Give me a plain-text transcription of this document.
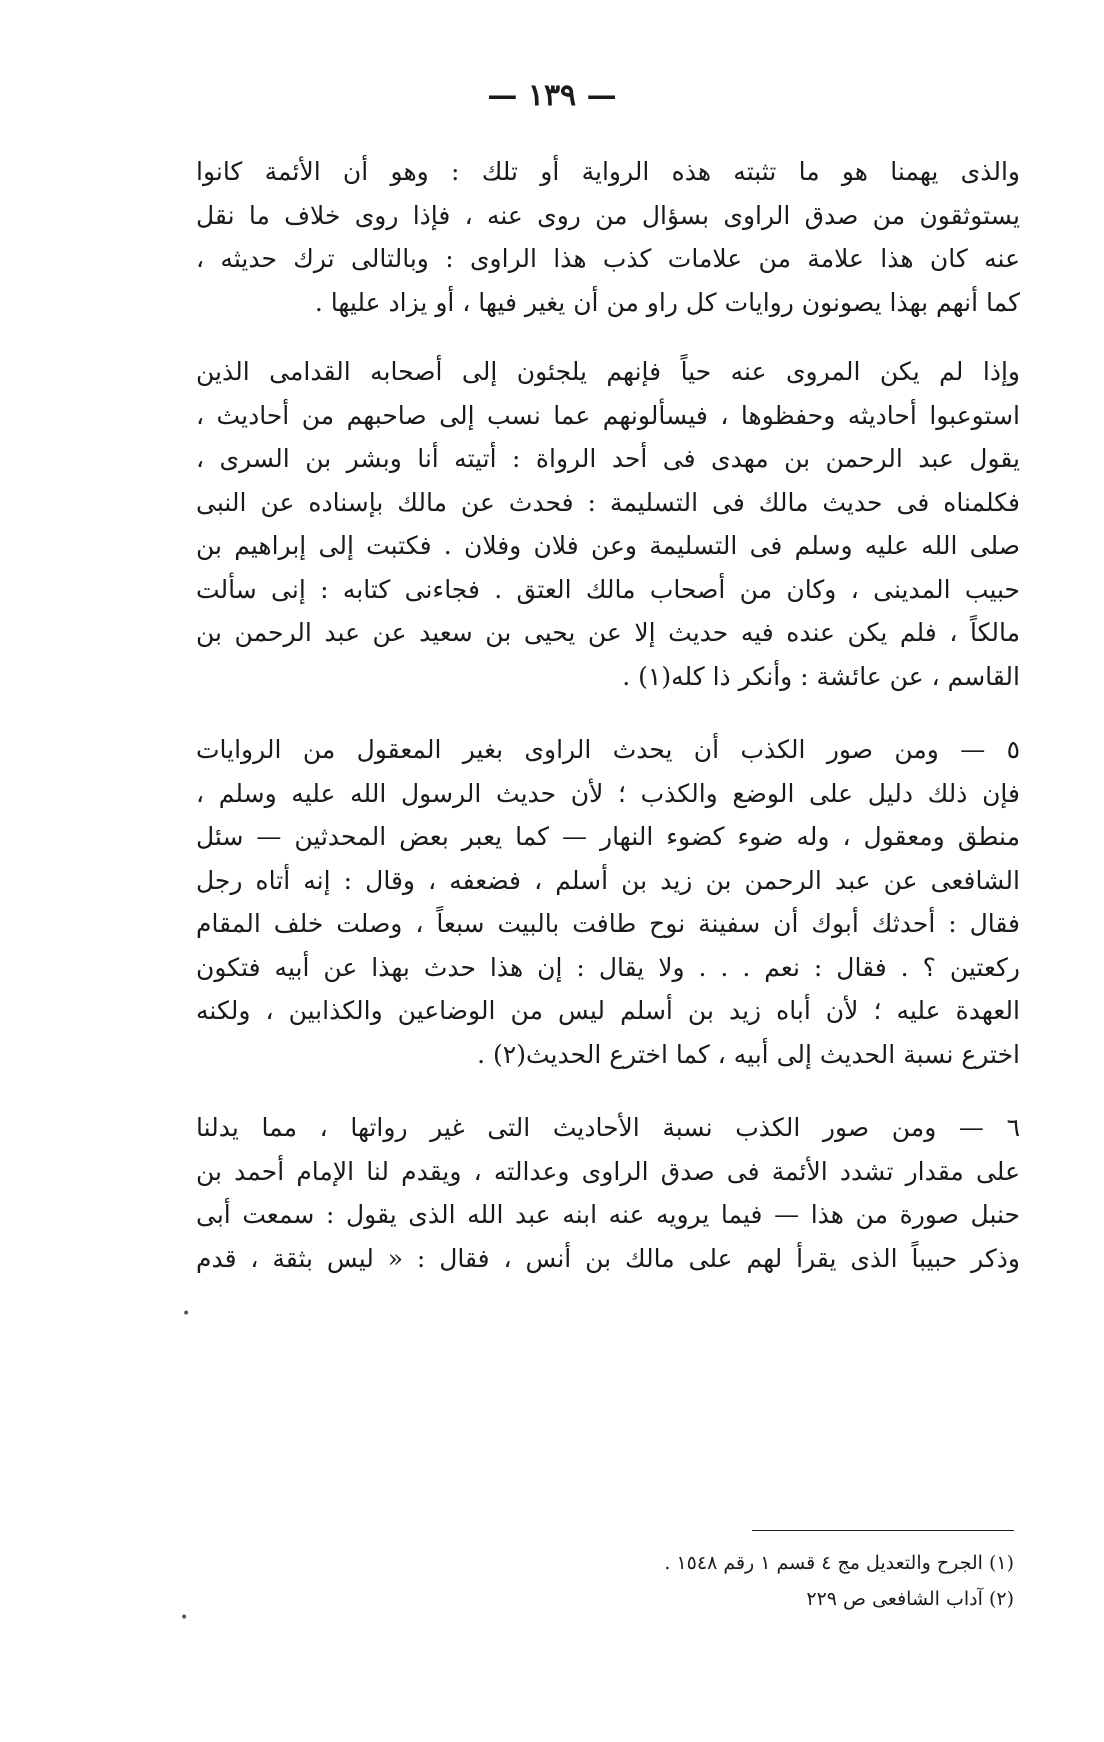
— ١٣٩ —
والذى يهمنا هو ما تثبته هذه الرواية أو تلك : وهو أن الأئمة كانوا
يستوثقون من صدق الراوى بسؤال من روى عنه ، فإذا روى خلاف ما نقل
عنه كان هذا علامة من علامات كذب هذا الراوى : وبالتالى ترك حديثه ،
كما أنهم بهذا يصونون روايات كل راو من أن يغير فيها ، أو يزاد عليها .
وإذا لم يكن المروى عنه حياً فإنهم يلجئون إلى أصحابه القدامى الذين
استوعبوا أحاديثه وحفظوها ، فيسألونهم عما نسب إلى صاحبهم من أحاديث ،
يقول عبد الرحمن بن مهدى فى أحد الرواة : أتيته أنا وبشر بن السرى ،
فكلمناه فى حديث مالك فى التسليمة : فحدث عن مالك بإسناده عن النبى
صلى الله عليه وسلم فى التسليمة وعن فلان وفلان . فكتبت إلى إبراهيم بن
حبيب المدينى ، وكان من أصحاب مالك العتق . فجاءنى كتابه : إنى سألت
مالكاً ، فلم يكن عنده فيه حديث إلا عن يحيى بن سعيد عن عبد الرحمن بن
القاسم ، عن عائشة : وأنكر ذا كله(١) .
٥ — ومن صور الكذب أن يحدث الراوى بغير المعقول من الروايات
فإن ذلك دليل على الوضع والكذب ؛ لأن حديث الرسول الله عليه وسلم ،
منطق ومعقول ، وله ضوء كضوء النهار — كما يعبر بعض المحدثين — سئل
الشافعى عن عبد الرحمن بن زيد بن أسلم ، فضعفه ، وقال : إنه أتاه رجل
فقال : أحدثك أبوك أن سفينة نوح طافت بالبيت سبعاً ، وصلت خلف المقام
ركعتين ؟ . فقال : نعم . . . ولا يقال : إن هذا حدث بهذا عن أبيه فتكون
العهدة عليه ؛ لأن أباه زيد بن أسلم ليس من الوضاعين والكذابين ، ولكنه
اخترع نسبة الحديث إلى أبيه ، كما اخترع الحديث(٢) .
٦ — ومن صور الكذب نسبة الأحاديث التى غير رواتها ، مما يدلنا
على مقدار تشدد الأئمة فى صدق الراوى وعدالته ، ويقدم لنا الإمام أحمد بن
حنبل صورة من هذا — فيما يرويه عنه ابنه عبد الله الذى يقول : سمعت أبى
وذكر حبيباً الذى يقرأ لهم على مالك بن أنس ، فقال : « ليس بثقة ، قدم
(١) الجرح والتعديل مج ٤ قسم ١ رقم ١٥٤٨ .
(٢) آداب الشافعى ص ٢٢٩
•
•
